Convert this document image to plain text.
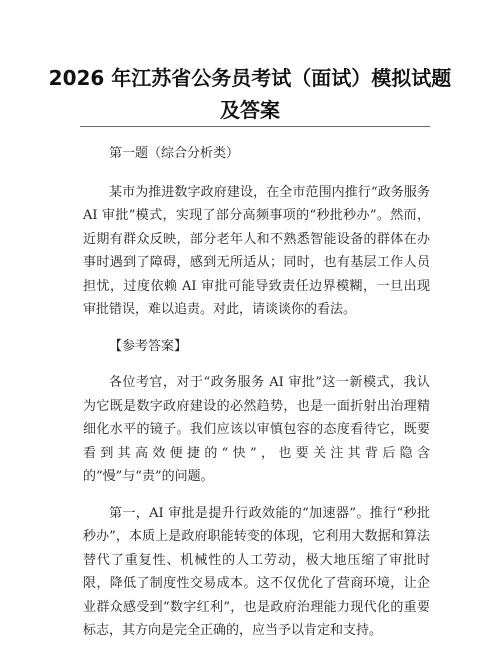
2026 年江苏省公务员考试（面试）模拟试题及答案

第一题（综合分析类）

某市为推进数字政府建设，在全市范围内推行“政务服务 AI 审批”模式，实现了部分高频事项的“秒批秒办”。然而，近期有群众反映，部分老年人和不熟悉智能设备的群体在办事时遇到了障碍，感到无所适从；同时，也有基层工作人员担忧，过度依赖 AI 审批可能导致责任边界模糊，一旦出现审批错误，难以追责。对此，请谈谈你的看法。

【参考答案】

各位考官，对于“政务服务 AI 审批”这一新模式，我认为它既是数字政府建设的必然趋势，也是一面折射出治理精细化水平的镜子。我们应该以审慎包容的态度看待它，既要看到其高效便捷的“快”，也要关注其背后隐含的“慢”与“责”的问题。

第一，AI 审批是提升行政效能的“加速器”。推行“秒批秒办”，本质上是政府职能转变的体现，它利用大数据和算法替代了重复性、机械性的人工劳动，极大地压缩了审批时限，降低了制度性交易成本。这不仅优化了营商环境，让企业群众感受到“数字红利”，也是政府治理能力现代化的重要标志，其方向是完全正确的，应当予以肯定和支持。
